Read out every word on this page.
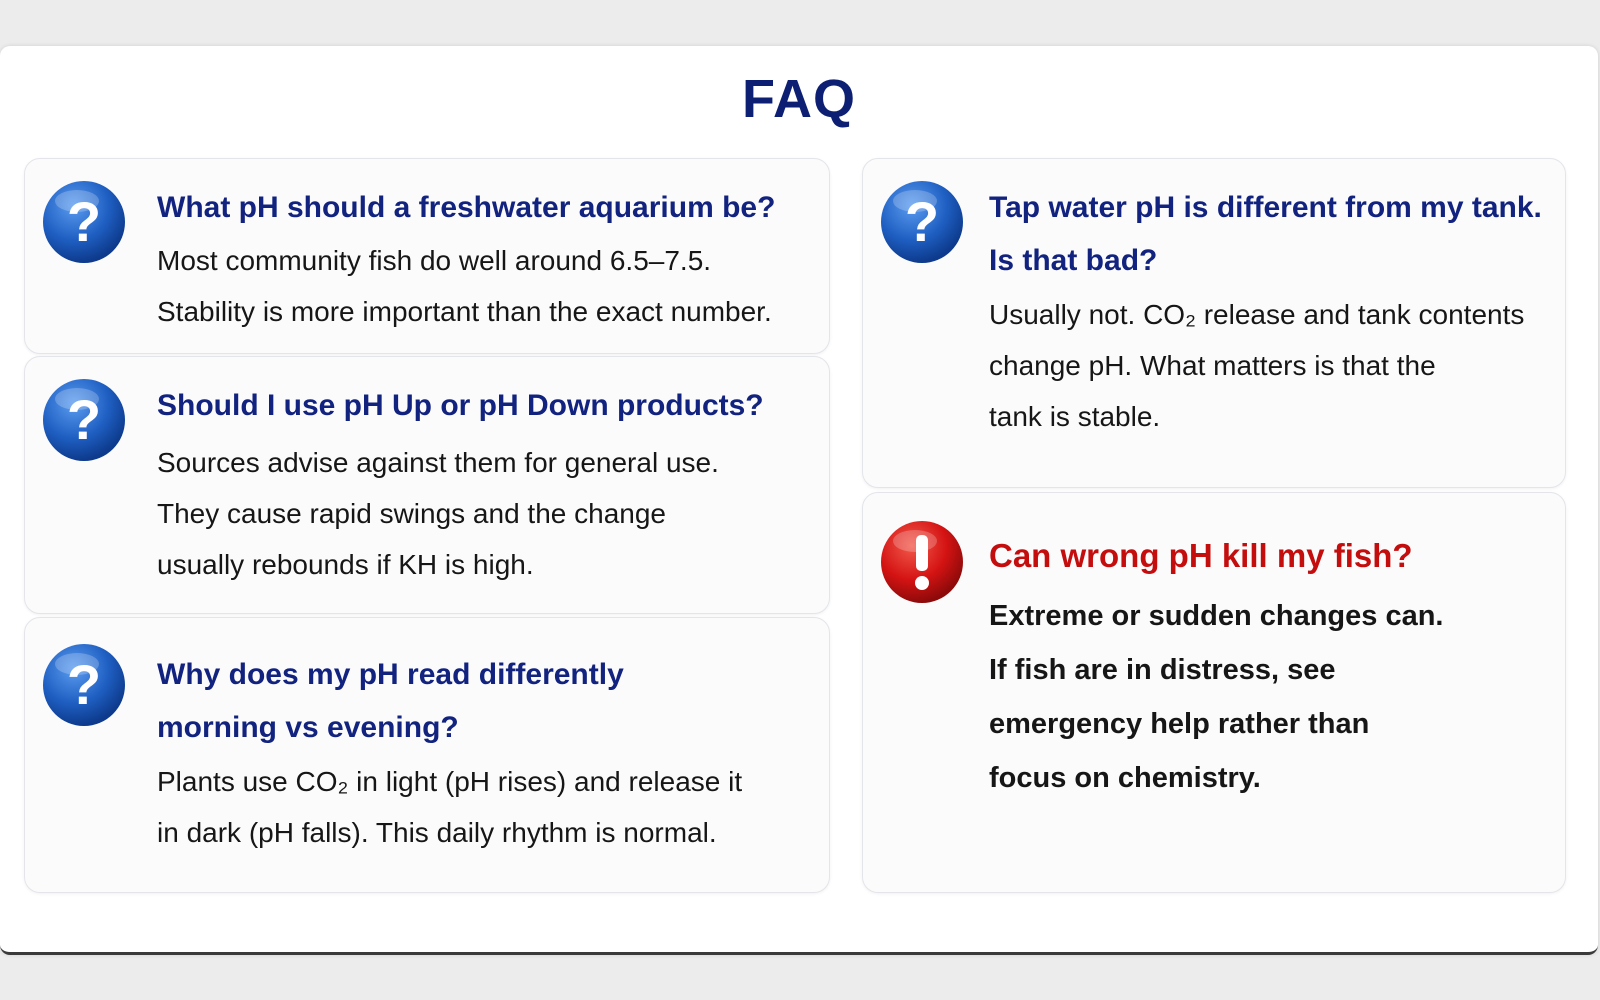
FAQ
? What pH should a freshwater aquarium be?
Most community fish do well around 6.5–7.5.
Stability is more important than the exact number.
? Should I use pH Up or pH Down products?
Sources advise against them for general use.
They cause rapid swings and the change
usually rebounds if KH is high.
? Why does my pH read differently
morning vs evening?
Plants use CO₂ in light (pH rises) and release it
in dark (pH falls). This daily rhythm is normal.
? Tap water pH is different from my tank.
Is that bad?
Usually not. CO₂ release and tank contents
change pH. What matters is that the
tank is stable.
Can wrong pH kill my fish?
Extreme or sudden changes can.
If fish are in distress, see
emergency help rather than
focus on chemistry.
